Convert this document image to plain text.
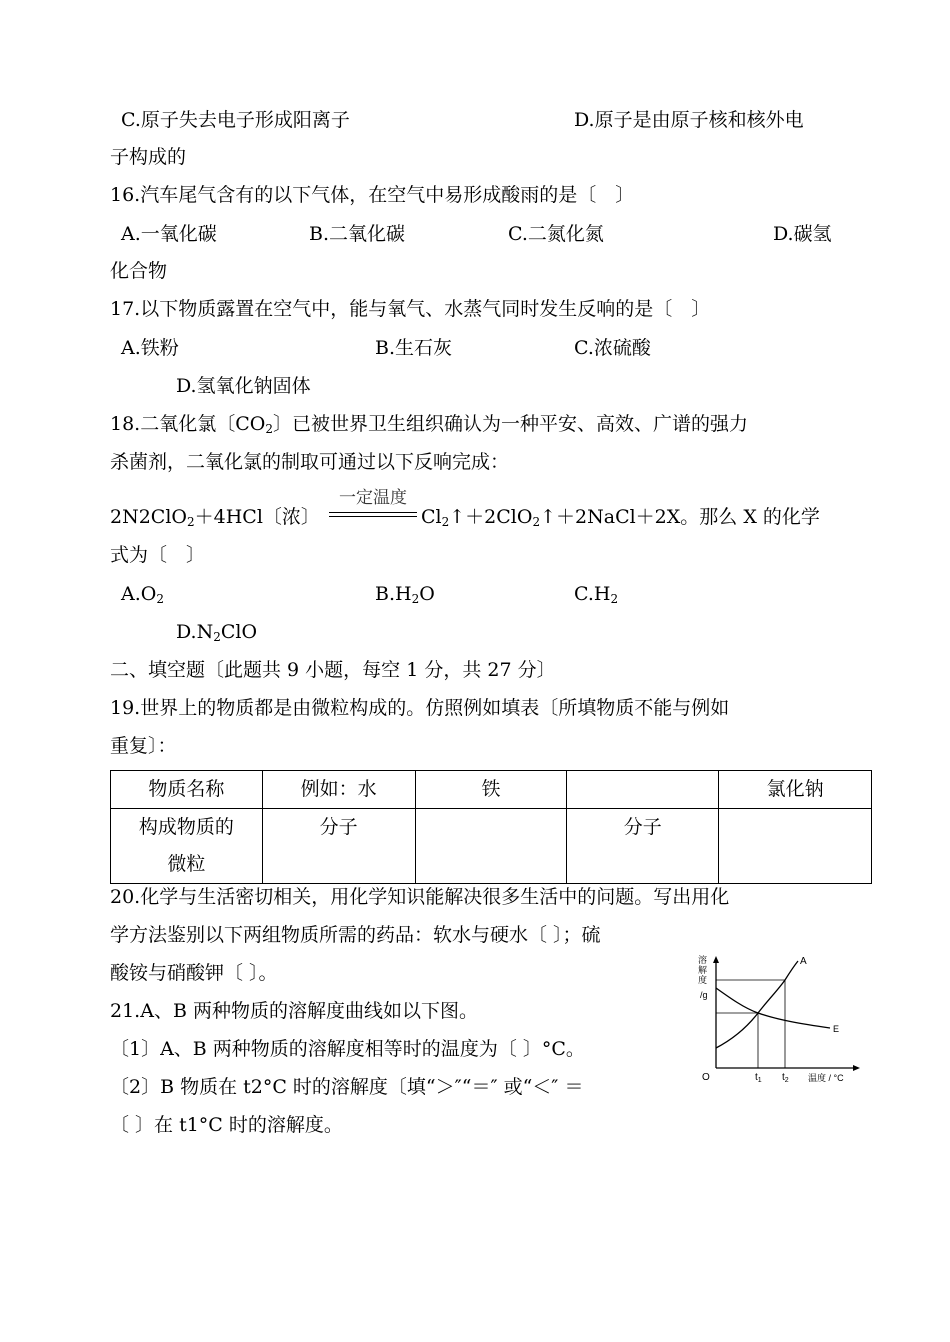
C.原子失去电子形成阳离子	D.原子是由原子核和核外电
子构成的
16.汽车尾气含有的以下气体，在空气中易形成酸雨的是〔　〕
A.一氧化碳	B.二氧化碳	C.二氮化氮	D.碳氢
化合物
17.以下物质露置在空气中，能与氧气、水蒸气同时发生反响的是〔　〕
A.铁粉	B.生石灰	C.浓硫酸
D.氢氧化钠固体
18.二氧化氯〔$CO_2$〕已被世界卫生组织确认为一种平安、高效、广谱的强力
杀菌剂，二氧化氯的制取可通过以下反响完成：
2N2ClO$_2$＋4HCl〔浓〕
一定温度
$Cl_2↑+2ClO_2↑+2NaCl+2X$。那么 X 的化学
式为〔　〕
$A.O_2$	$B.H_2O$	$C.H_2$
$D.N_2ClO$
二、填空题〔此题共 9 小题，每空 1 分，共 27 分〕
19.世界上的物质都是由微粒构成的。仿照例如填表〔所填物质不能与例如
重复〕：
物质名称	例如：水	铁		氯化钠

构成物质的
微粒	分子		分子	
20.化学与生活密切相关，用化学知识能解决很多生活中的问题。写出用化
学方法鉴别以下两组物质所需的药品：软水与硬水〔 〕；硫
酸铵与硝酸钾〔 〕。
21.A、B 两种物质的溶解度曲线如以下图。
〔1〕A、B 两种物质的溶解度相等时的温度为〔 〕°C。
〔2〕B 物质在 t2°C 时的溶解度〔填“＞″“＝″ 或“＜″ ＝
〔 〕在 t1°C 时的溶解度。
溶
解
度
/g
O
A
E
$t_1$ $t_2$ 温度 / °C
